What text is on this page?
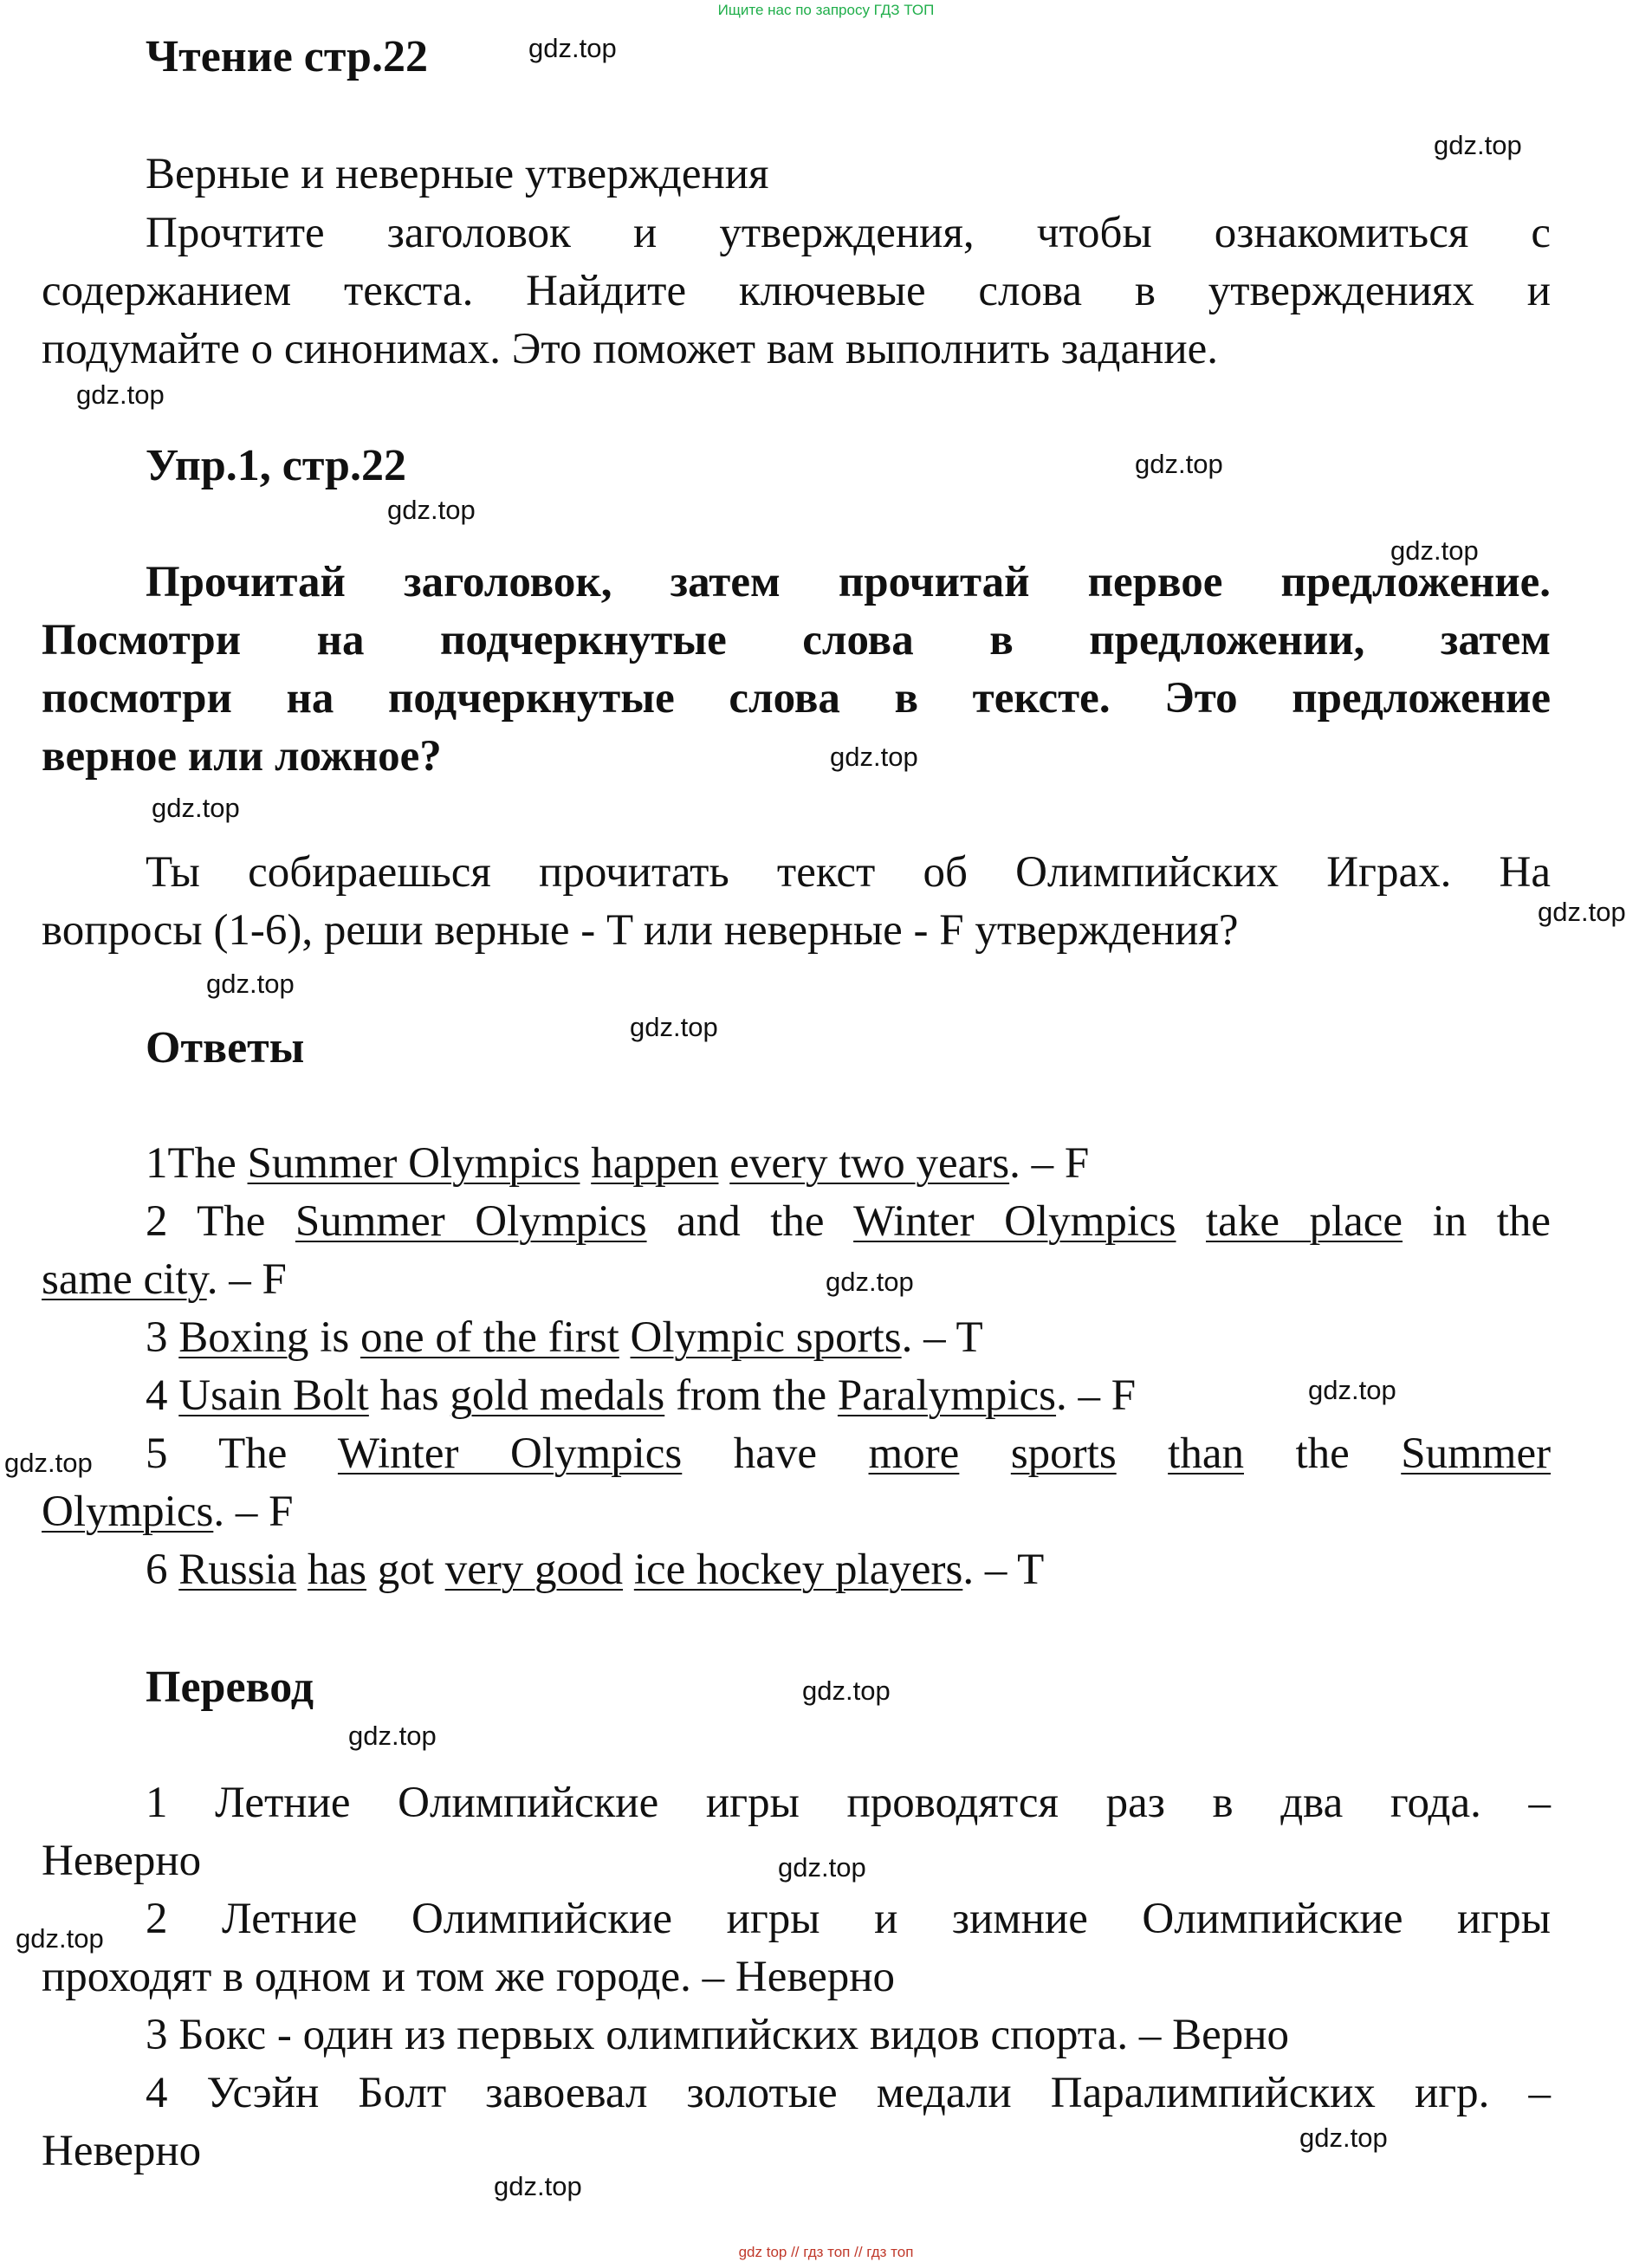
Ищите нас по запросу ГДЗ ТОП
Чтение стр.22
Верные и неверные утверждения
Прочтите заголовок и утверждения, чтобы ознакомиться с
содержанием текста. Найдите ключевые слова в утверждениях и
подумайте о синонимах. Это поможет вам выполнить задание.
Упр.1, стр.22
Прочитай заголовок, затем прочитай первое предложение.
Посмотри на подчеркнутые слова в предложении, затем
посмотри на подчеркнутые слова в тексте. Это предложение
верное или ложное?
Ты собираешься прочитать текст об Олимпийских Играх. На
вопросы (1-6), реши верные - T или неверные - F утверждения?
Ответы
1The Summer Olympics happen every two years. – F
2 The Summer Olympics and the Winter Olympics take place in the
same city. – F
3 Boxing is one of the first Olympic sports. – T
4 Usain Bolt has gold medals from the Paralympics. – F
5 The Winter Olympics have more sports than the Summer
Olympics. – F
6 Russia has got very good ice hockey players. – T
Перевод
1 Летние Олимпийские игры проводятся раз в два года. –
Неверно
2 Летние Олимпийские игры и зимние Олимпийские игры
проходят в одном и том же городе. – Неверно
3 Бокс - один из первых олимпийских видов спорта. – Верно
4 Усэйн Болт завоевал золотые медали Паралимпийских игр. –
Неверно
gdz.top
gdz.top
gdz.top
gdz.top
gdz.top
gdz.top
gdz.top
gdz.top
gdz.top
gdz.top
gdz.top
gdz.top
gdz.top
gdz.top
gdz.top
gdz.top
gdz.top
gdz.top
gdz.top
gdz.top
gdz top // гдз топ // гдз топ
